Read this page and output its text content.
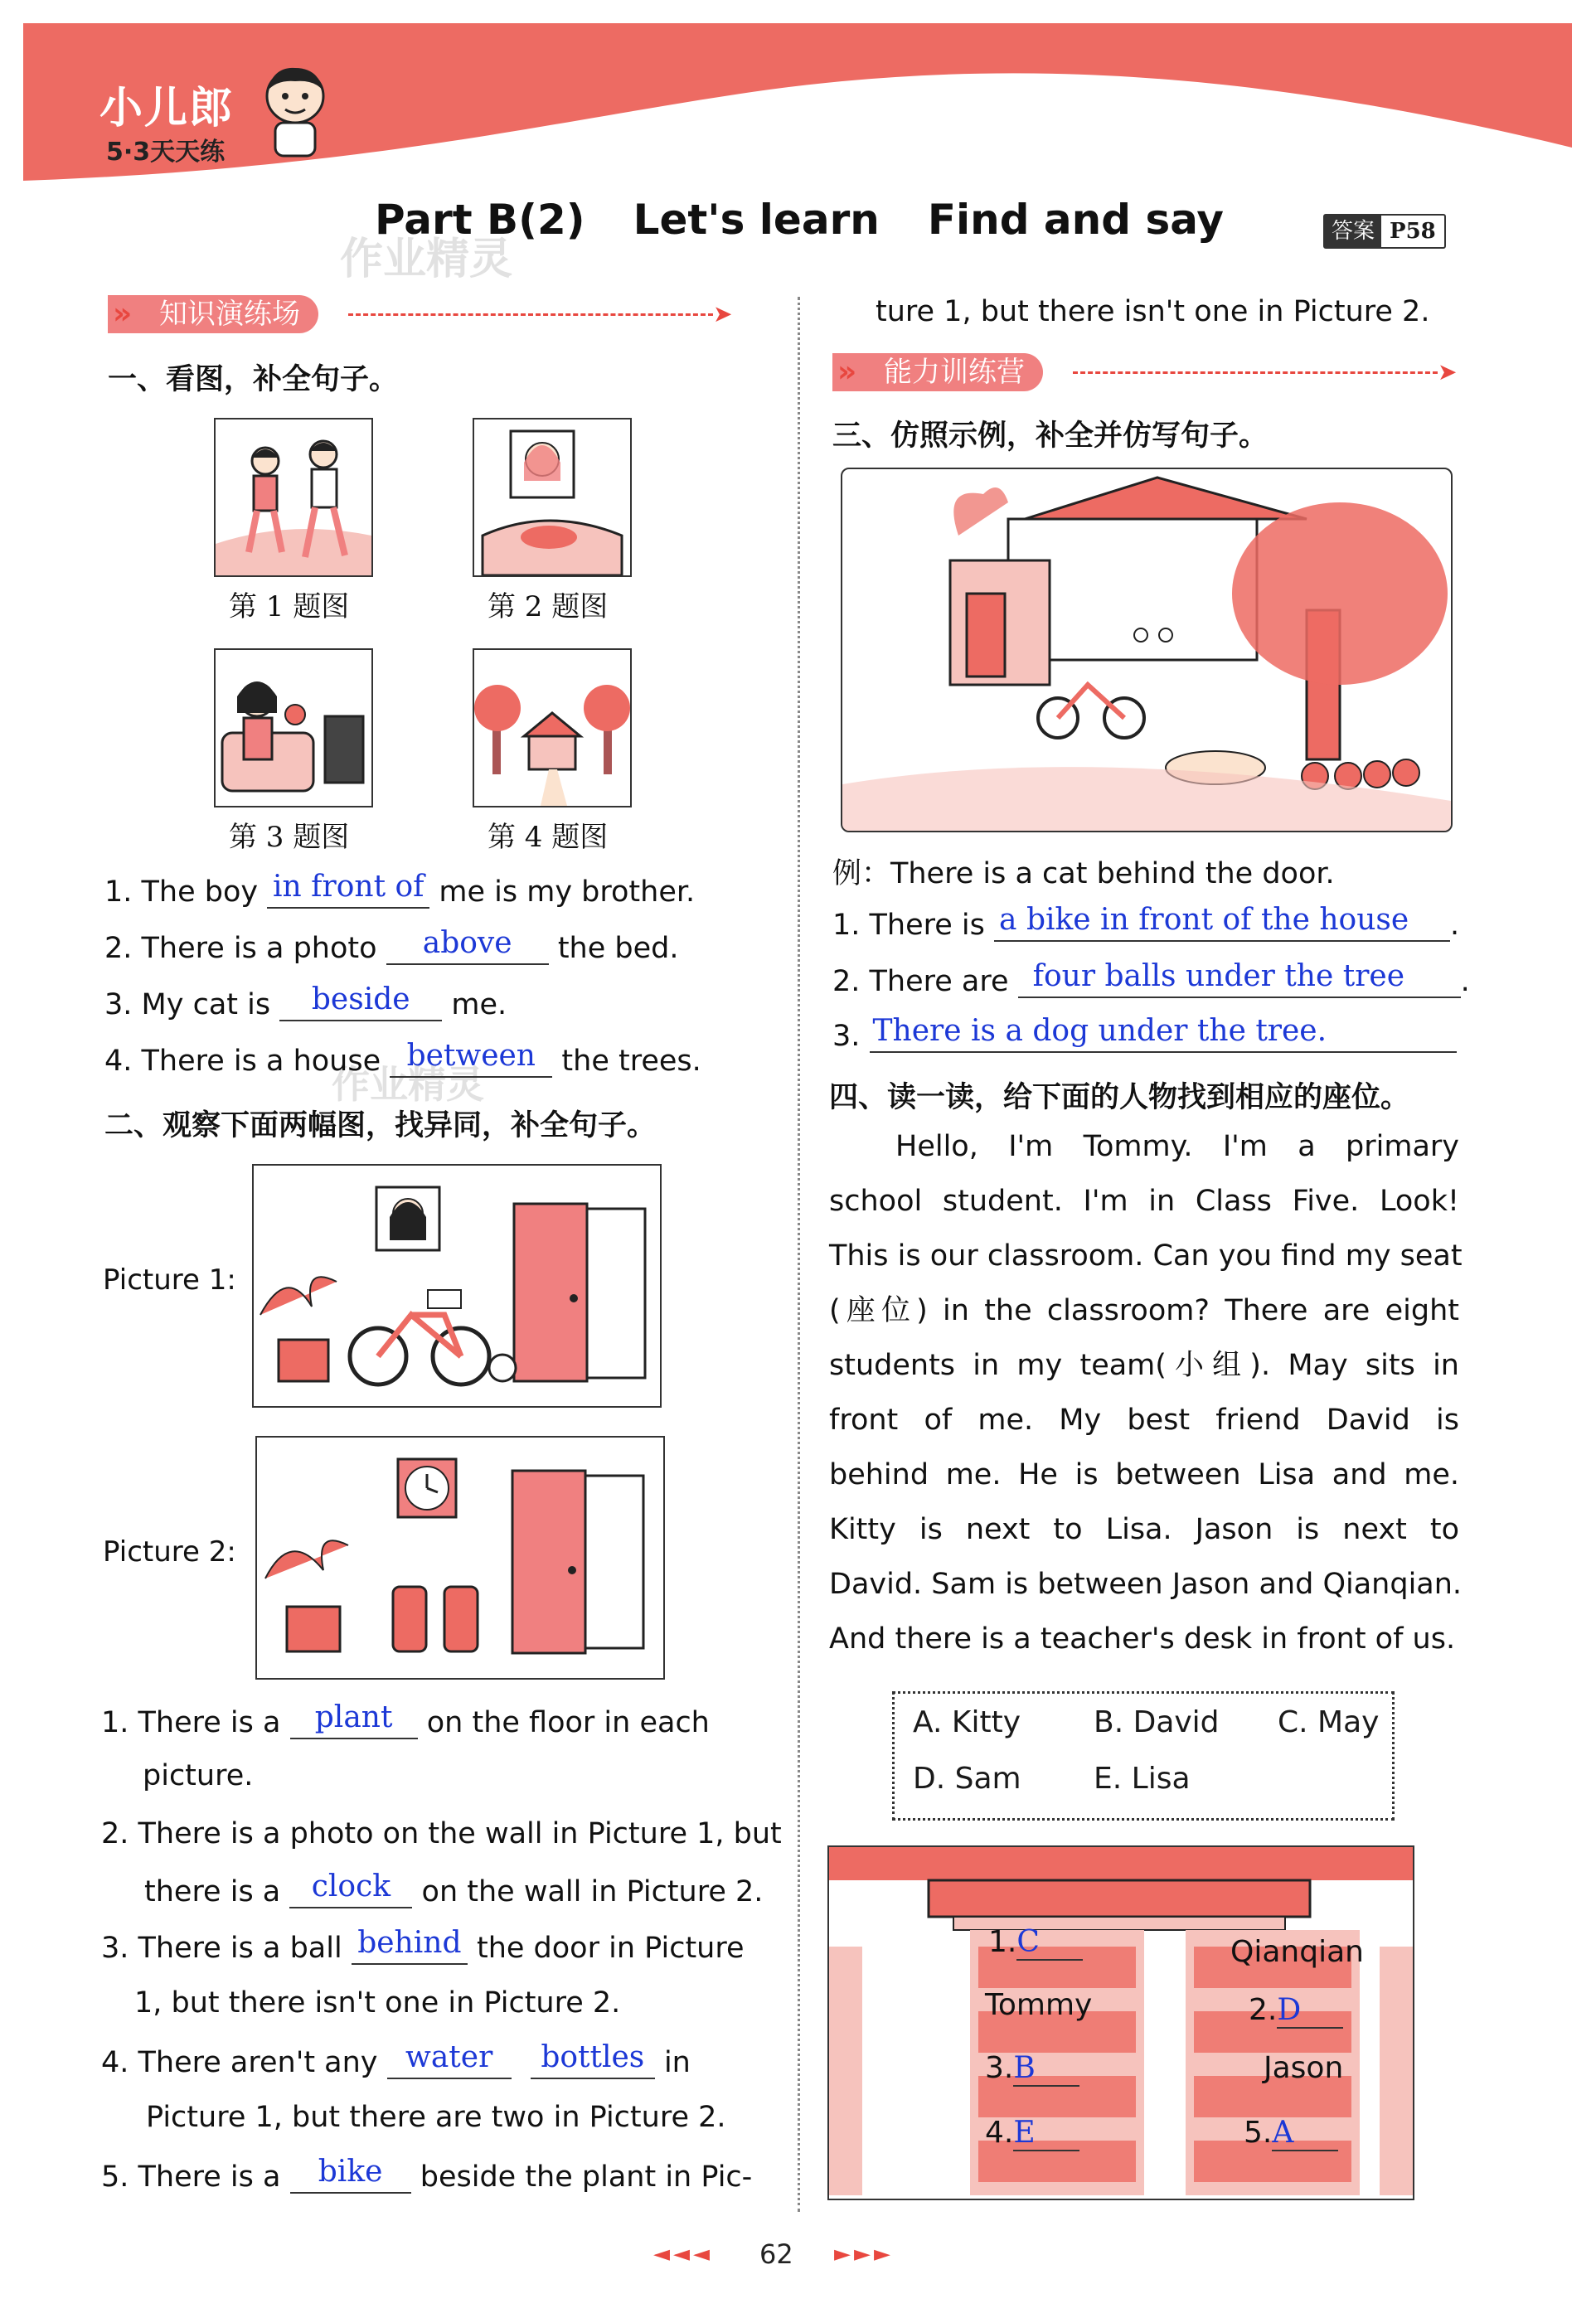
小儿郎
5·3天天练
Part B(2) Let's learn Find and say	答案 P58
作业精灵
作业精灵
知识演练场
»	➤
一、看图，补全句子。
第 1 题图	第 2 题图
第 3 题图	第 4 题图
1. The boy in front of me is my brother.
2. There is a photo	above	the bed.
3. My cat is	beside	me.
4. There is a house between the trees.
二、观察下面两幅图，找异同，补全句子。
Picture 1:
Picture 2:
1. There is a	plant	on the floor in each
picture.
2. There is a photo on the wall in Picture 1, but
there is a	clock	on the wall in Picture 2.
3. There is a ball behind the door in Picture
1, but there isn't one in Picture 2.
4. There aren't any water
	bottles in
Picture 1, but there are two in Picture 2.
5. There is a	bike	beside the plant in Pic-
ture 1, but there isn't one in Picture 2.
能力训练营
»	➤
三、仿照示例，补全并仿写句子。
例：There is a cat behind the door.
1. There is a bike in front of the house	.
2. There are four balls under the tree	.
3. There is a dog under the tree.
四、读一读，给下面的人物找到相应的座位。
Hello, I'm Tommy. I'm a primary
school student. I'm in Class Five. Look!
This is our classroom. Can you find my seat
(座位) in the classroom? There are eight
students in my team(小组). May sits in
front of me. My best friend David is
behind me. He is between Lisa and me.
Kitty is next to Lisa. Jason is next to
David. Sam is between Jason and Qianqian.
And there is a teacher's desk in front of us.
A. Kitty B. David C. May
D. Sam E. Lisa
1.C	Qianqian
Tommy	2.D
3.B	Jason
4.E	5.A
◄◄◄ 62 ►►►
